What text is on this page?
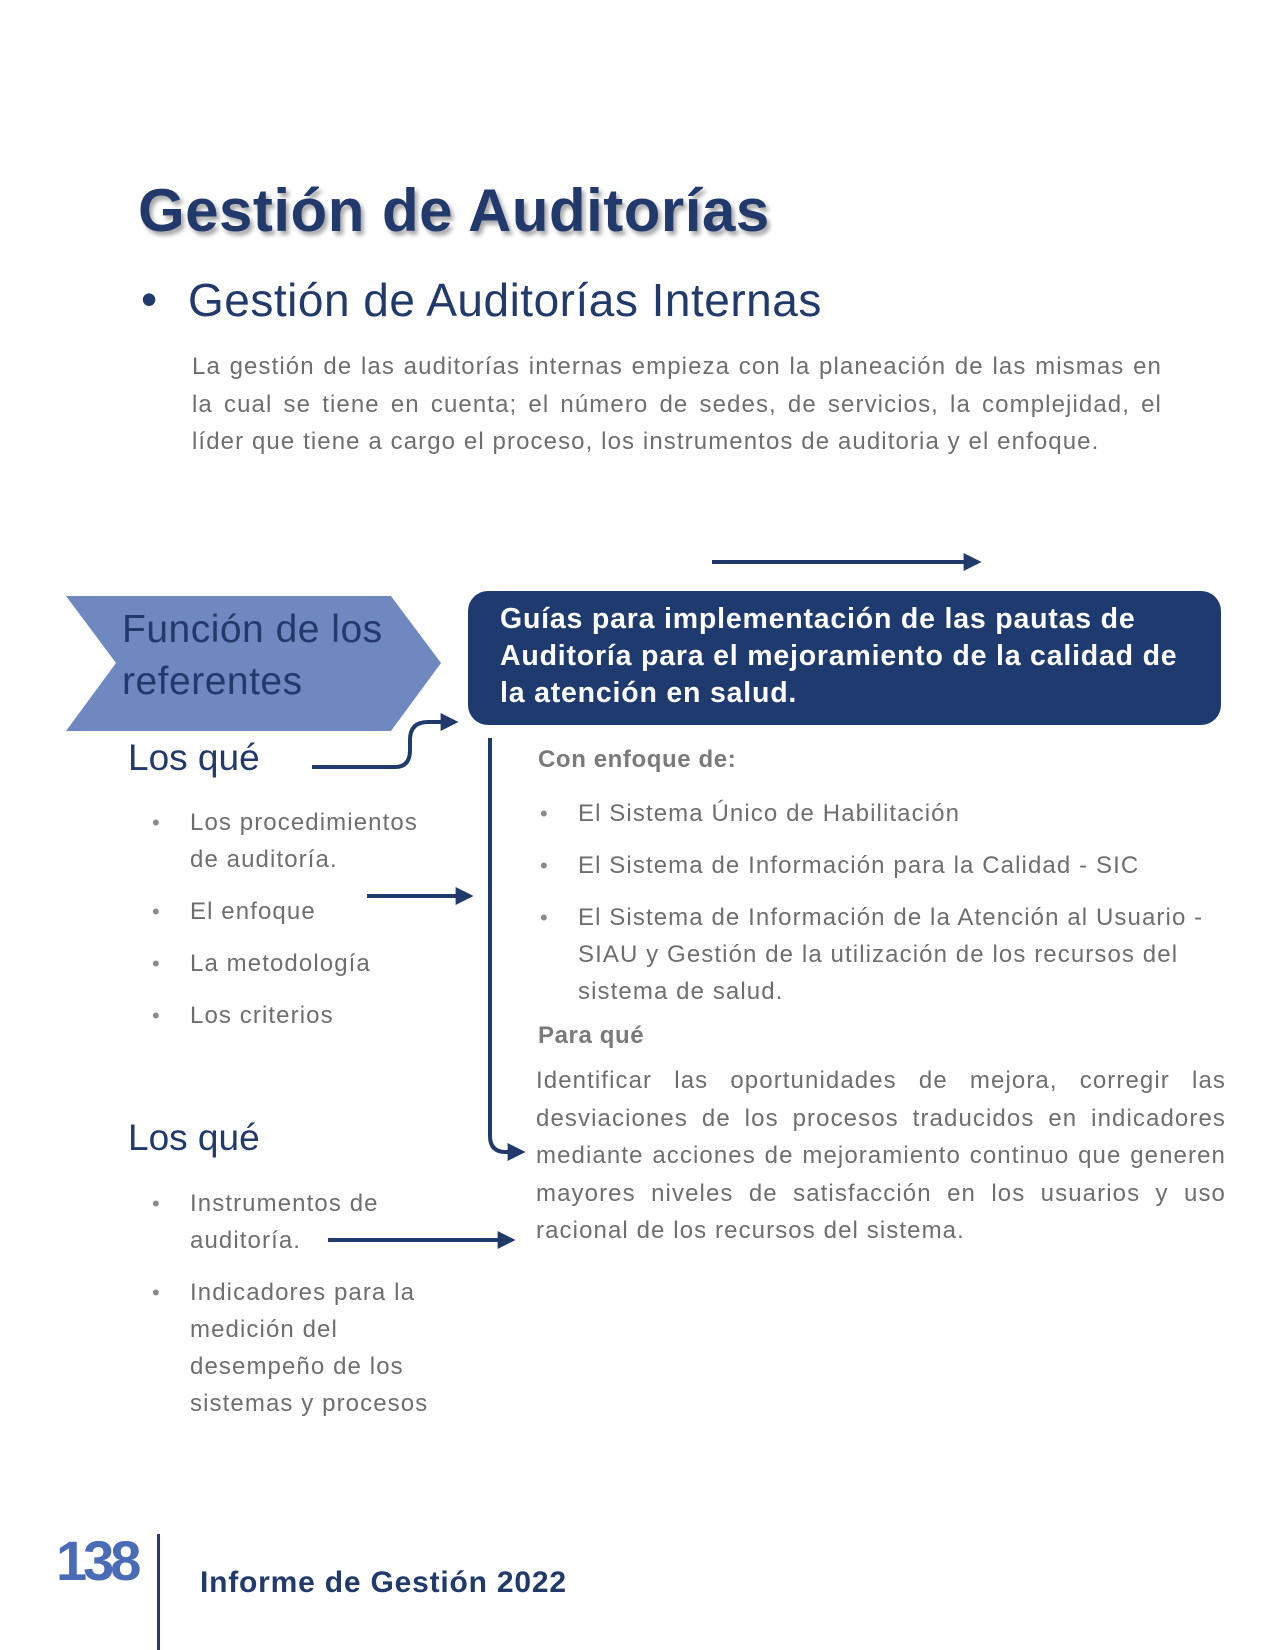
Gestión de Auditorías
• Gestión de Auditorías Internas

La gestión de las auditorías internas empieza con la planeación de las mismas en la cual se tiene en cuenta; el número de sedes, de servicios, la complejidad, el líder que tiene a cargo el proceso, los instrumentos de auditoria y el enfoque.

Función de los referentes
Guías para implementación de las pautas de Auditoría para el mejoramiento de la calidad de la atención en salud.
Los qué
• Los procedimientos de auditoría.
• El enfoque
• La metodología
• Los criterios
Los qué
• Instrumentos de auditoría.
• Indicadores para la medición del desempeño de los sistemas y procesos
Con enfoque de:
• El Sistema Único de Habilitación
• El Sistema de Información para la Calidad - SIC
• El Sistema de Información de la Atención al Usuario - SIAU y Gestión de la utilización de los recursos del sistema de salud.
Para qué

Identificar las oportunidades de mejora, corregir las desviaciones de los procesos traducidos en indicadores mediante acciones de mejoramiento continuo que generen mayores niveles de satisfacción en los usuarios y uso racional de los recursos del sistema.

138 Informe de Gestión 2022
